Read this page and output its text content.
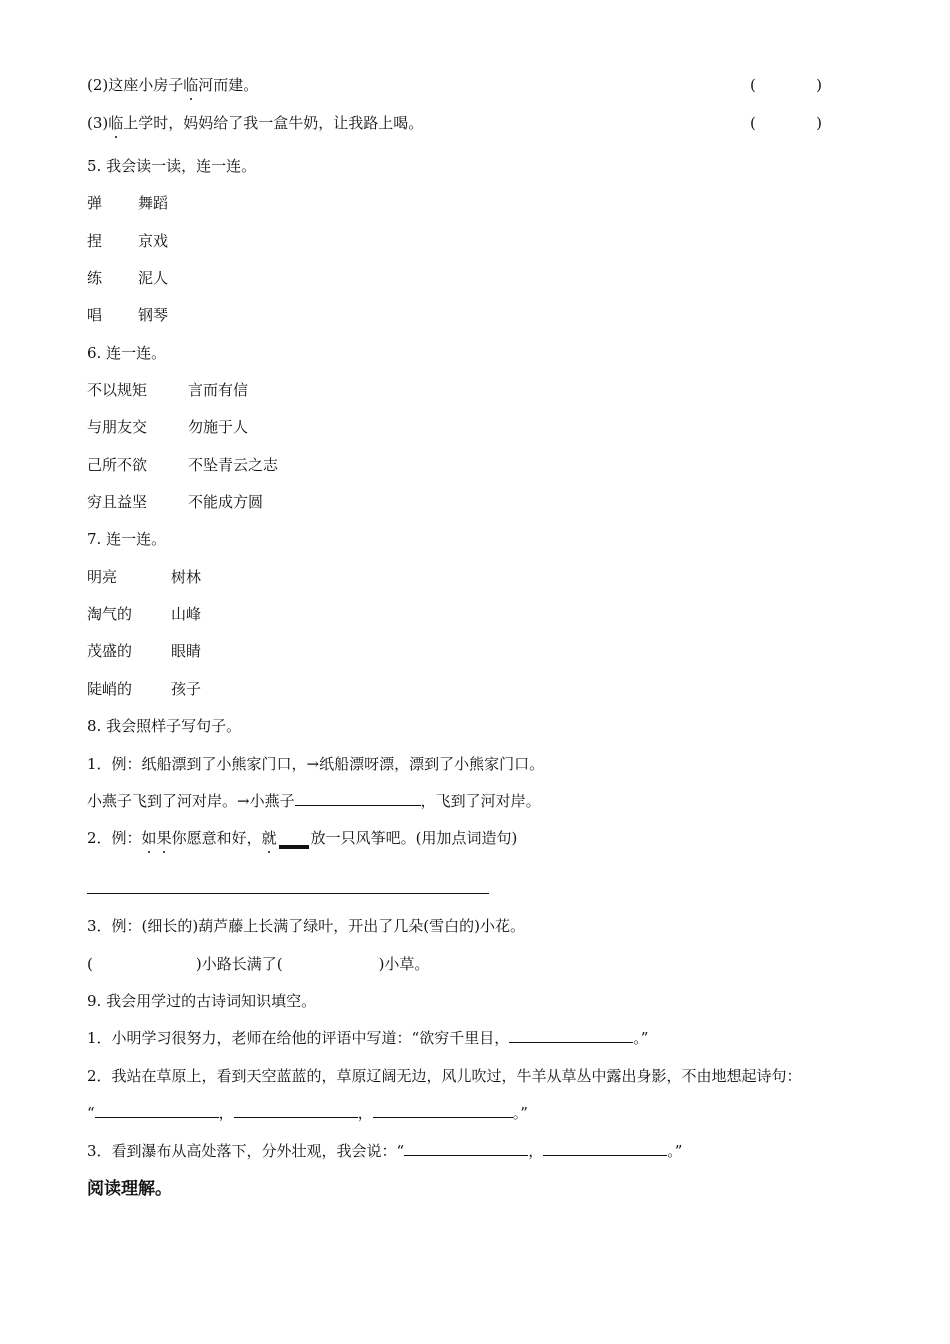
(2)这座小房子临河而建。	(	)
(3)临上学时，妈妈给了我一盒牛奶，让我路上喝。	(	)
5. 我会读一读，连一连。
弹 舞蹈
捏 京戏
练 泥人
唱 钢琴
6. 连一连。
不以规矩	言而有信
与朋友交	勿施于人
己所不欲	不坠青云之志
穷且益坚	不能成方圆
7. 连一连。
明亮	树林
淘气的	山峰
茂盛的	眼睛
陡峭的	孩子
8. 我会照样子写句子。
1．例：纸船漂到了小熊家门口，→纸船漂呀漂，漂到了小熊家门口。
小燕子飞到了河对岸。→小燕子	，飞到了河对岸。
2．例：如果你愿意和好，就 放一只风筝吧。(用加点词造句)
3．例：(细长的)葫芦藤上长满了绿叶，开出了几朵(雪白的)小花。
(	)小路长满了(	)小草。
9. 我会用学过的古诗词知识填空。
1．小明学习很努力，老师在给他的评语中写道：“欲穷千里目，	。”
2．我站在草原上，看到天空蓝蓝的，草原辽阔无边，风儿吹过，牛羊从草丛中露出身影，不由地想起诗句：
“	，	，	。”
3．看到瀑布从高处落下，分外壮观，我会说：“	，	。”
阅读理解。
